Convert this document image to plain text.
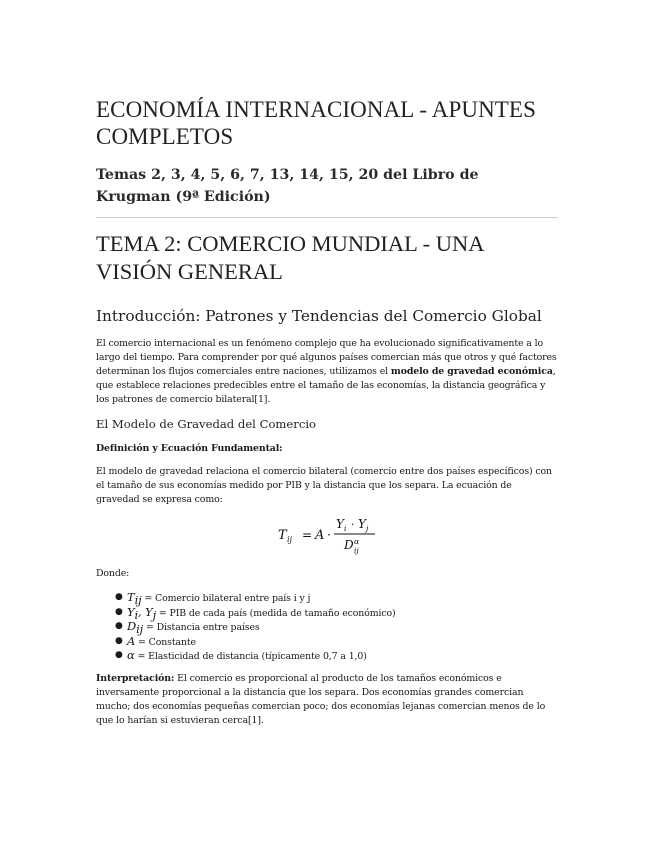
ECONOMÍA INTERNACIONAL - APUNTES COMPLETOS
Temas 2, 3, 4, 5, 6, 7, 13, 14, 15, 20 del Libro de Krugman (9ª Edición)
TEMA 2: COMERCIO MUNDIAL - UNA VISIÓN GENERAL
Introducción: Patrones y Tendencias del Comercio Global

El comercio internacional es un fenómeno complejo que ha evolucionado significativamente a lo largo del tiempo. Para comprender por qué algunos países comercian más que otros y qué factores determinan los flujos comerciales entre naciones, utilizamos el modelo de gravedad económica, que establece relaciones predecibles entre el tamaño de las economías, la distancia geográfica y los patrones de comercio bilateral[1].

El Modelo de Gravedad del Comercio

Definición y Ecuación Fundamental:

El modelo de gravedad relaciona el comercio bilateral (comercio entre dos países específicos) con el tamaño de sus economías medido por PIB y la distancia que los separa. La ecuación de gravedad se expresa como:

T ij = A ·
Y i · Y j
D α
ij

Donde:

● $T_{ij}$ = Comercio bilateral entre país i y j
● $Y_i$, $Y_j$ = PIB de cada país (medida de tamaño económico)
● $D_{ij}$ = Distancia entre países
● A = Constante
● α = Elasticidad de distancia (típicamente 0,7 a 1,0)

Interpretación: El comercio es proporcional al producto de los tamaños económicos e inversamente proporcional a la distancia que los separa. Dos economías grandes comercian mucho; dos economías pequeñas comercian poco; dos economías lejanas comercian menos de lo que lo harían si estuvieran cerca[1].
